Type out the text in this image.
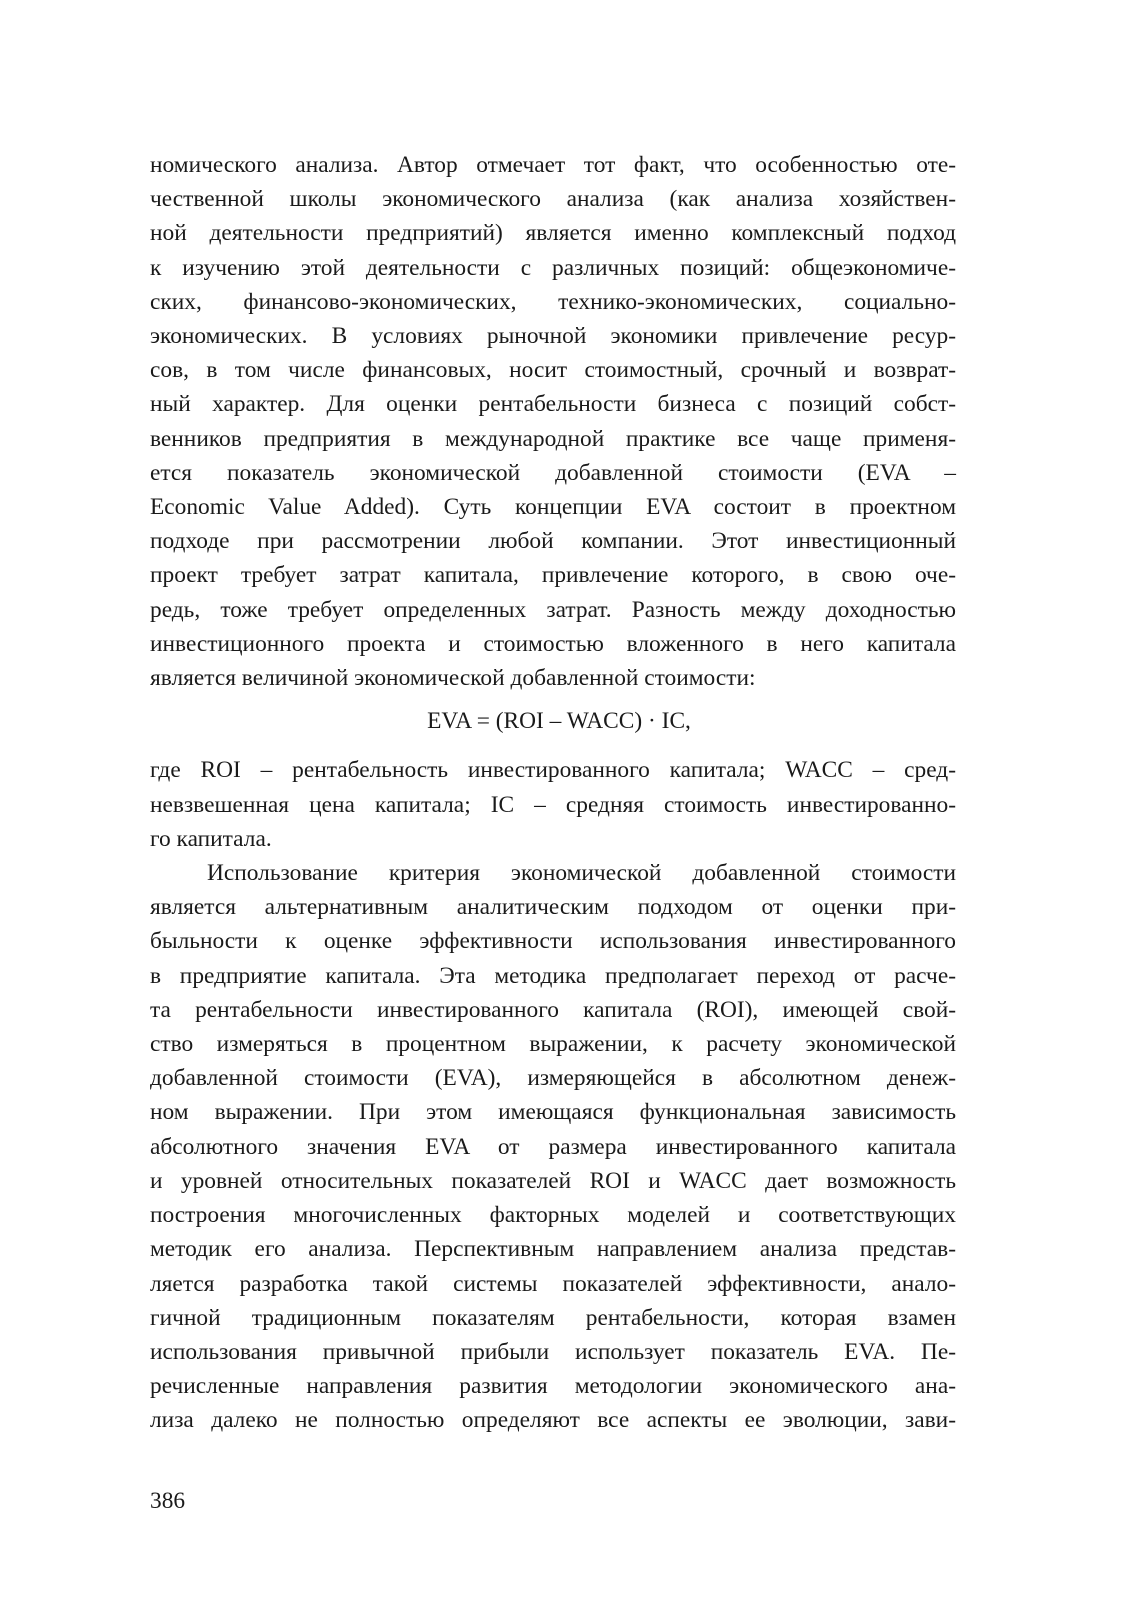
номического анализа. Автор отмечает тот факт, что особенностью оте-
чественной школы экономического анализа (как анализа хозяйствен-
ной деятельности предприятий) является именно комплексный подход
к изучению этой деятельности с различных позиций: общеэкономиче-
ских, финансово-экономических, технико-экономических, социально-
экономических. В условиях рыночной экономики привлечение ресур-
сов, в том числе финансовых, носит стоимостный, срочный и возврат-
ный характер. Для оценки рентабельности бизнеса с позиций собст-
венников предприятия в международной практике все чаще применя-
ется показатель экономической добавленной стоимости (EVA –
Economic Value Added). Суть концепции EVA состоит в проектном
подходе при рассмотрении любой компании. Этот инвестиционный
проект требует затрат капитала, привлечение которого, в свою оче-
редь, тоже требует определенных затрат. Разность между доходностью
инвестиционного проекта и стоимостью вложенного в него капитала
является величиной экономической добавленной стоимости:
EVA = (ROI – WACC) · IC,
где ROI – рентабельность инвестированного капитала; WACC – сред-
невзвешенная цена капитала; IC – средняя стоимость инвестированно-
го капитала.
Использование критерия экономической добавленной стоимости
является альтернативным аналитическим подходом от оценки при-
быльности к оценке эффективности использования инвестированного
в предприятие капитала. Эта методика предполагает переход от расче-
та рентабельности инвестированного капитала (ROI), имеющей свой-
ство измеряться в процентном выражении, к расчету экономической
добавленной стоимости (EVA), измеряющейся в абсолютном денеж-
ном выражении. При этом имеющаяся функциональная зависимость
абсолютного значения EVA от размера инвестированного капитала
и уровней относительных показателей ROI и WACC дает возможность
построения многочисленных факторных моделей и соответствующих
методик его анализа. Перспективным направлением анализа представ-
ляется разработка такой системы показателей эффективности, анало-
гичной традиционным показателям рентабельности, которая взамен
использования привычной прибыли использует показатель EVA. Пе-
речисленные направления развития методологии экономического ана-
лиза далеко не полностью определяют все аспекты ее эволюции, зави-
386
